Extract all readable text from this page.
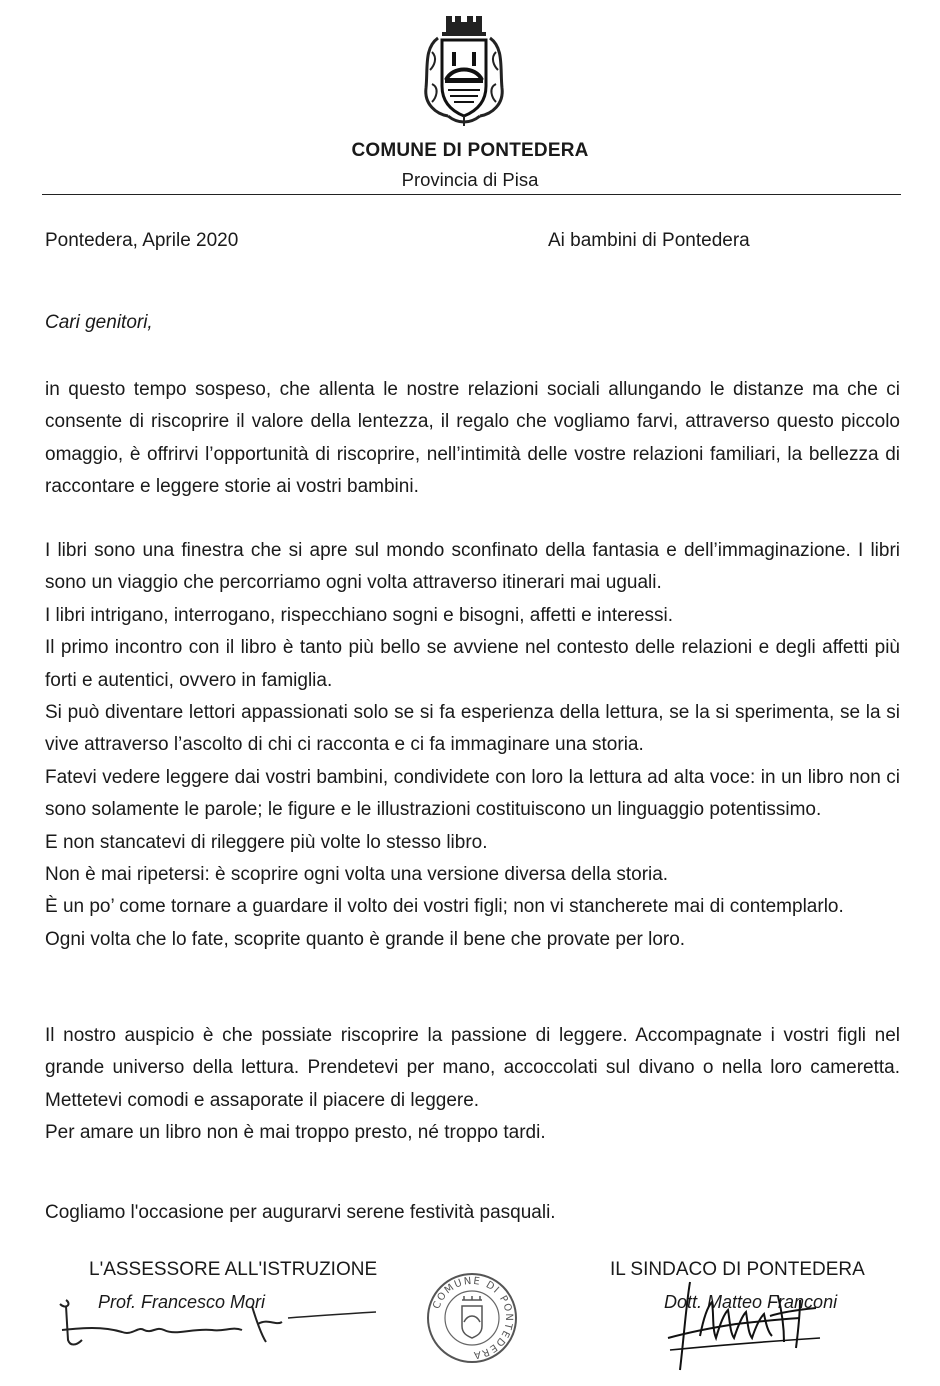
COMUNE DI PONTEDERA
Provincia di Pisa
Pontedera, Aprile 2020	Ai bambini di Pontedera
Cari genitori,

in questo tempo sospeso, che allenta le nostre relazioni sociali allungando le distanze ma che ci consente di riscoprire il valore della lentezza, il regalo che vogliamo farvi, attraverso questo piccolo omaggio, è offrirvi l’opportunità di riscoprire, nell’intimità delle vostre relazioni familiari, la bellezza di raccontare e leggere storie ai vostri bambini.

I libri sono una finestra che si apre sul mondo sconfinato della fantasia e dell’immaginazione. I libri sono un viaggio che percorriamo ogni volta attraverso itinerari mai uguali.

I libri intrigano, interrogano, rispecchiano sogni e bisogni, affetti e interessi.

Il primo incontro con il libro è tanto più bello se avviene nel contesto delle relazioni e degli affetti più forti e autentici, ovvero in famiglia.

Si può diventare lettori appassionati solo se si fa esperienza della lettura, se la si sperimenta, se la si vive attraverso l’ascolto di chi ci racconta e ci fa immaginare una storia.

Fatevi vedere leggere dai vostri bambini, condividete con loro la lettura ad alta voce: in un libro non ci sono solamente le parole; le figure e le illustrazioni costituiscono un linguaggio potentissimo.

E non stancatevi di rileggere più volte lo stesso libro.

Non è mai ripetersi: è scoprire ogni volta una versione diversa della storia.

È un po’ come tornare a guardare il volto dei vostri figli; non vi stancherete mai di contemplarlo.

Ogni volta che lo fate, scoprite quanto è grande il bene che provate per loro.

Il nostro auspicio è che possiate riscoprire la passione di leggere. Accompagnate i vostri figli nel grande universo della lettura. Prendetevi per mano, accoccolati sul divano o nella loro cameretta. Mettetevi comodi e assaporate il piacere di leggere.

Per amare un libro non è mai troppo presto, né troppo tardi.

Cogliamo l'occasione per augurarvi serene festività pasquali.
L'ASSESSORE ALL'ISTRUZIONE
Prof. Francesco Mori	COMUNE DI PONTEDERA
IL SINDACO DI PONTEDERA
Dott. Matteo Franconi
